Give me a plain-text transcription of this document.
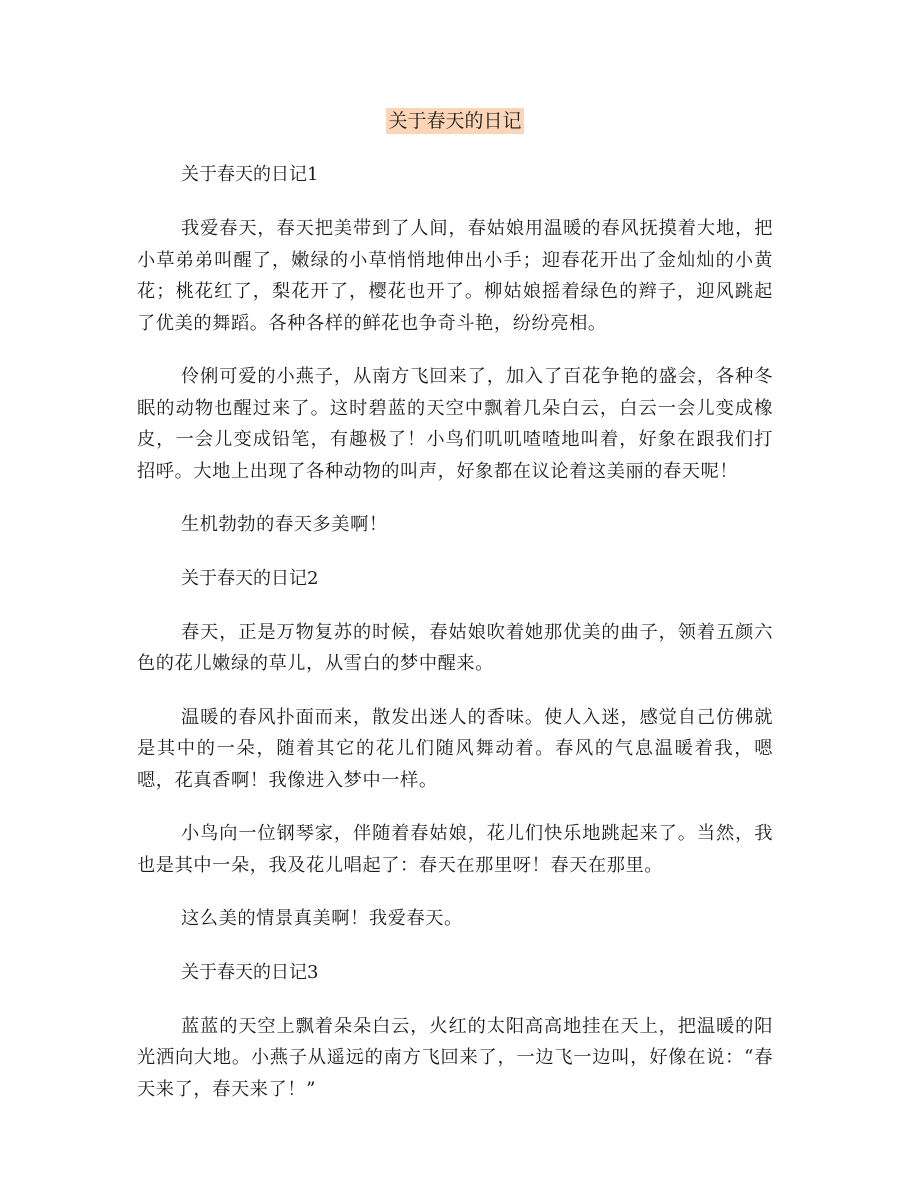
关于春天的日记
关于春天的日记1

我爱春天，春天把美带到了人间，春姑娘用温暖的春风抚摸着大地，把小草弟弟叫醒了，嫩绿的小草悄悄地伸出小手；迎春花开出了金灿灿的小黄花；桃花红了，梨花开了，樱花也开了。柳姑娘摇着绿色的辫子，迎风跳起了优美的舞蹈。各种各样的鲜花也争奇斗艳，纷纷亮相。

伶俐可爱的小燕子，从南方飞回来了，加入了百花争艳的盛会，各种冬眠的动物也醒过来了。这时碧蓝的天空中飘着几朵白云，白云一会儿变成橡皮，一会儿变成铅笔，有趣极了！小鸟们叽叽喳喳地叫着，好象在跟我们打招呼。大地上出现了各种动物的叫声，好象都在议论着这美丽的春天呢！

生机勃勃的春天多美啊！

关于春天的日记2

春天，正是万物复苏的时候，春姑娘吹着她那优美的曲子，领着五颜六色的花儿嫩绿的草儿，从雪白的梦中醒来。

温暖的春风扑面而来，散发出迷人的香味。使人入迷，感觉自己仿佛就是其中的一朵，随着其它的花儿们随风舞动着。春风的气息温暖着我，嗯嗯，花真香啊！我像进入梦中一样。

小鸟向一位钢琴家，伴随着春姑娘，花儿们快乐地跳起来了。当然，我也是其中一朵，我及花儿唱起了：春天在那里呀！春天在那里。

这么美的情景真美啊！我爱春天。

关于春天的日记3

蓝蓝的天空上飘着朵朵白云，火红的太阳高高地挂在天上，把温暖的阳光洒向大地。小燕子从遥远的南方飞回来了，一边飞一边叫，好像在说：“春天来了，春天来了！”
